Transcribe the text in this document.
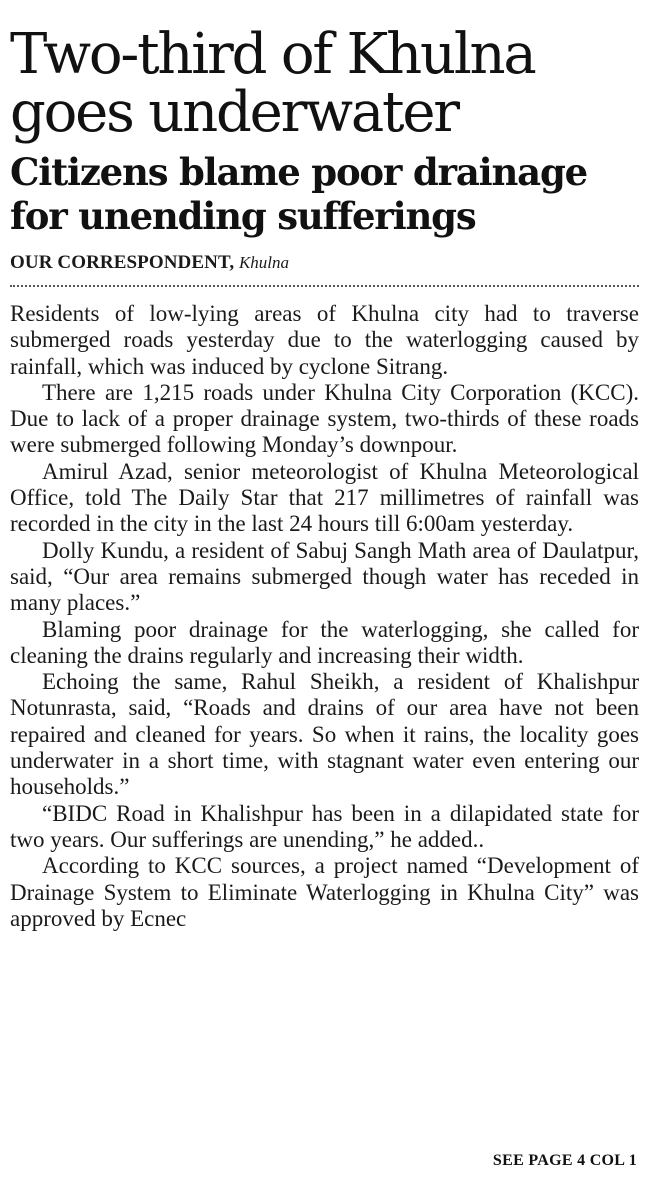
Two-third of Khulna goes underwater
Citizens blame poor drainage for unending sufferings
OUR CORRESPONDENT, Khulna

Residents of low-lying areas of Khulna city had to traverse submerged roads yesterday due to the waterlogging caused by rainfall, which was induced by cyclone Sitrang.

There are 1,215 roads under Khulna City Corporation (KCC). Due to lack of a proper drainage system, two-thirds of these roads were submerged following Monday’s downpour.

Amirul Azad, senior meteorologist of Khulna Meteorological Office, told The Daily Star that 217 millimetres of rainfall was recorded in the city in the last 24 hours till 6:00am yesterday.

Dolly Kundu, a resident of Sabuj Sangh Math area of Daulatpur, said, “Our area remains submerged though water has receded in many places.”

Blaming poor drainage for the waterlogging, she called for cleaning the drains regularly and increasing their width.

Echoing the same, Rahul Sheikh, a resident of Khalishpur Notunrasta, said, “Roads and drains of our area have not been repaired and cleaned for years. So when it rains, the locality goes underwater in a short time, with stagnant water even entering our households.”

“BIDC Road in Khalishpur has been in a dilapidated state for two years. Our sufferings are unending,” he added..

According to KCC sources, a project named “Development of Drainage System to Eliminate Waterlogging in Khulna City” was approved by Ecnec

SEE PAGE 4 COL 1
